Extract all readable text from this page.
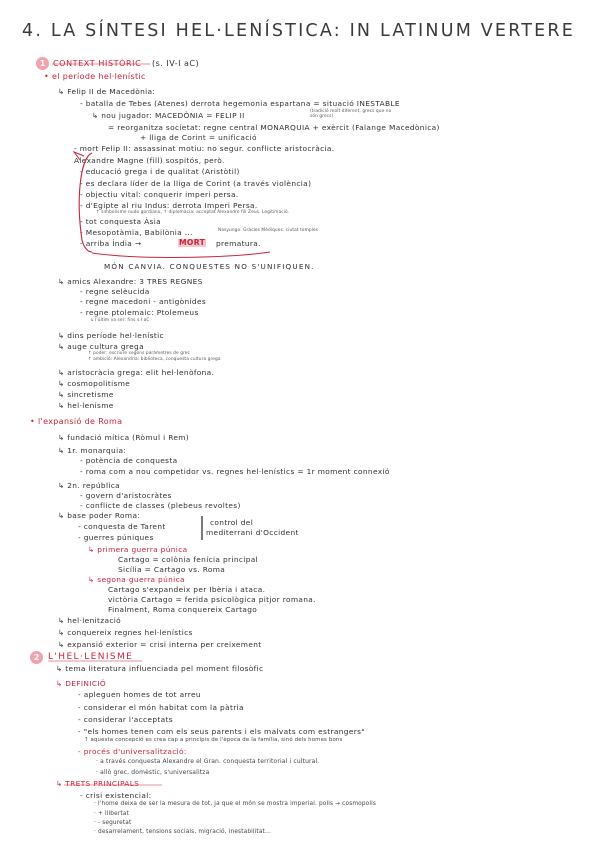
4. LA SÍNTESI HEL·LENÍSTICA: IN LATINUM VERTERE
1 CONTEXT HISTÒRIC (s. IV-I aC)
• el període hel·lenístic
↳ Felip II de Macedònia:
- batalla de Tebes (Atenes) derrota hegemonia espartana = situació INESTABLE
↳ nou jugador: MACEDÒNIA = FELIP II	(tradició molt diferent, grecs que no són grecs)
= reorganitza societat: regne central MONARQUIA + exèrcit (Falange Macedònica)
+ lliga de Corint = unificació
- mort Felip II: assassinat motiu: no segur. conflicte aristocràcia.
Alexandre Magne (fill) sospitós, però.
- educació grega i de qualitat (Aristòtil)
- es declara líder de la lliga de Corint (a través violència)
- objectiu vital: conquerir imperi persa.
- d'Egipte al riu Indus: derrota Imperi Persa.
↑ simbolisme nudo gordiano, ↑ diplomàcia: acceptat Alexandre fill Zeus. Legitimació.
- tot conquesta Àsia
- Mesopotàmia, Babilònia ...	Nasyungo. Gràcies Mèdiques. ciutat temples
- arriba Índia →	MORT prematura.
MÓN CANVIA. CONQUESTES NO S'UNIFIQUEN.
↳ amics Alexandre: 3 TRES REGNES
- regne selèucida
- regne macedoni - antigònides
- regne ptolemaic: Ptolemeus
↳ l'últim va ser: fins s.I aC
↳ dins període hel·lenístic
↳ auge cultura grega
↑ poder: escriure segons paràmetres de grec
↑ ambició: Alexandria: biblioteca, conquesta cultura grega
↳ aristocràcia grega: elit hel·lenòfona.
↳ cosmopolitisme
↳ sincretisme
↳ hel·lenisme
• l'expansió de Roma
↳ fundació mítica (Ròmul i Rem)
↳ 1r. monarquia:
- potència de conquesta
- roma com a nou competidor vs. regnes hel·lenístics = 1r moment connexió
↳ 2n. república
- govern d'aristocràtes
- conflicte de classes (plebeus revoltes)
↳ base poder Roma:
- conquesta de Tarent
- guerres púniques
control del
mediterrani d'Occident
↳ primera guerra púnica
Cartago = colònia fenícia principal
Sicília = Cartago vs. Roma
↳ segona guerra púnica
Cartago s'expandeix per Ibèria i ataca.
victòria Cartago = ferida psicològica pitjor romana.
Finalment, Roma conquereix Cartago
↳ hel·lenització
↳ conquereix regnes hel·lenístics
↳ expansió exterior = crisi interna per creixement
2 L'HEL·LENISME
↳ tema literatura influenciada pel moment filosòfic
↳ DEFINICIÓ
- apleguen homes de tot arreu
- considerar el món habitat com la pàtria
- considerar l'acceptats
- "els homes tenen com els seus parents i els malvats com estrangers"
↑ aquesta concepció es crea cap a principis de l'època de la família, sinó dels homes bons
- procés d'universalització:
· a través conquesta Alexandre el Gran. conquesta territorial i cultural.
· allò grec, domèstic, s'universalitza
↳ TRETS PRINCIPALS
- crisi existencial:
· l'home deixa de ser la mesura de tot, ja que el món se mostra imperial. polis → cosmopolis
· + llibertat
· - seguretat
· desarrelament, tensions socials, migració, inestabilitat...
